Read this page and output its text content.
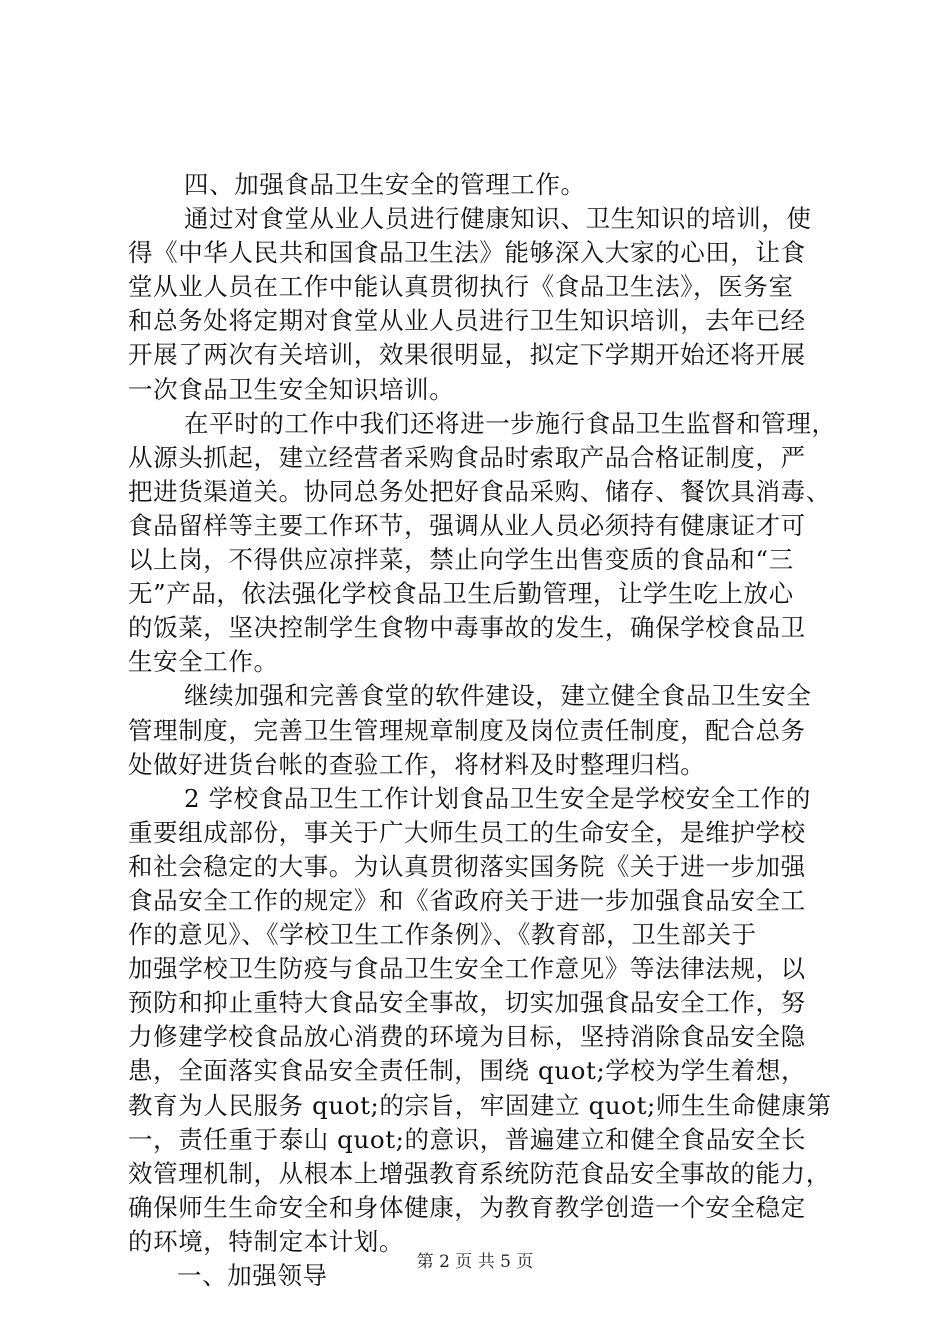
四、加强食品卫生安全的管理工作。
通过对食堂从业人员进行健康知识、卫生知识的培训，使
得《中华人民共和国食品卫生法》能够深入大家的心田，让食
堂从业人员在工作中能认真贯彻执行《食品卫生法》，医务室
和总务处将定期对食堂从业人员进行卫生知识培训，去年已经
开展了两次有关培训，效果很明显，拟定下学期开始还将开展
一次食品卫生安全知识培训。
在平时的工作中我们还将进一步施行食品卫生监督和管理，
从源头抓起，建立经营者采购食品时索取产品合格证制度，严
把进货渠道关。协同总务处把好食品采购、储存、餐饮具消毒、
食品留样等主要工作环节，强调从业人员必须持有健康证才可
以上岗，不得供应凉拌菜，禁止向学生出售变质的食品和“三
无”产品，依法强化学校食品卫生后勤管理，让学生吃上放心
的饭菜，坚决控制学生食物中毒事故的发生，确保学校食品卫
生安全工作。
继续加强和完善食堂的软件建设，建立健全食品卫生安全
管理制度，完善卫生管理规章制度及岗位责任制度，配合总务
处做好进货台帐的查验工作，将材料及时整理归档。
2 学校食品卫生工作计划食品卫生安全是学校安全工作的
重要组成部份，事关于广大师生员工的生命安全，是维护学校
和社会稳定的大事。为认真贯彻落实国务院《关于进一步加强
食品安全工作的规定》和《省政府关于进一步加强食品安全工
作的意见》、《学校卫生工作条例》、《教育部，卫生部关于
加强学校卫生防疫与食品卫生安全工作意见》等法律法规，以
预防和抑止重特大食品安全事故，切实加强食品安全工作，努
力修建学校食品放心消费的环境为目标，坚持消除食品安全隐
患，全面落实食品安全责任制，围绕 quot;学校为学生着想，
教育为人民服务 quot;的宗旨，牢固建立 quot;师生生命健康第
一，责任重于泰山 quot;的意识，普遍建立和健全食品安全长
效管理机制，从根本上增强教育系统防范食品安全事故的能力，
确保师生生命安全和身体健康，为教育教学创造一个安全稳定
的环境，特制定本计划。
一、加强领导	第 2 页 共 5 页
